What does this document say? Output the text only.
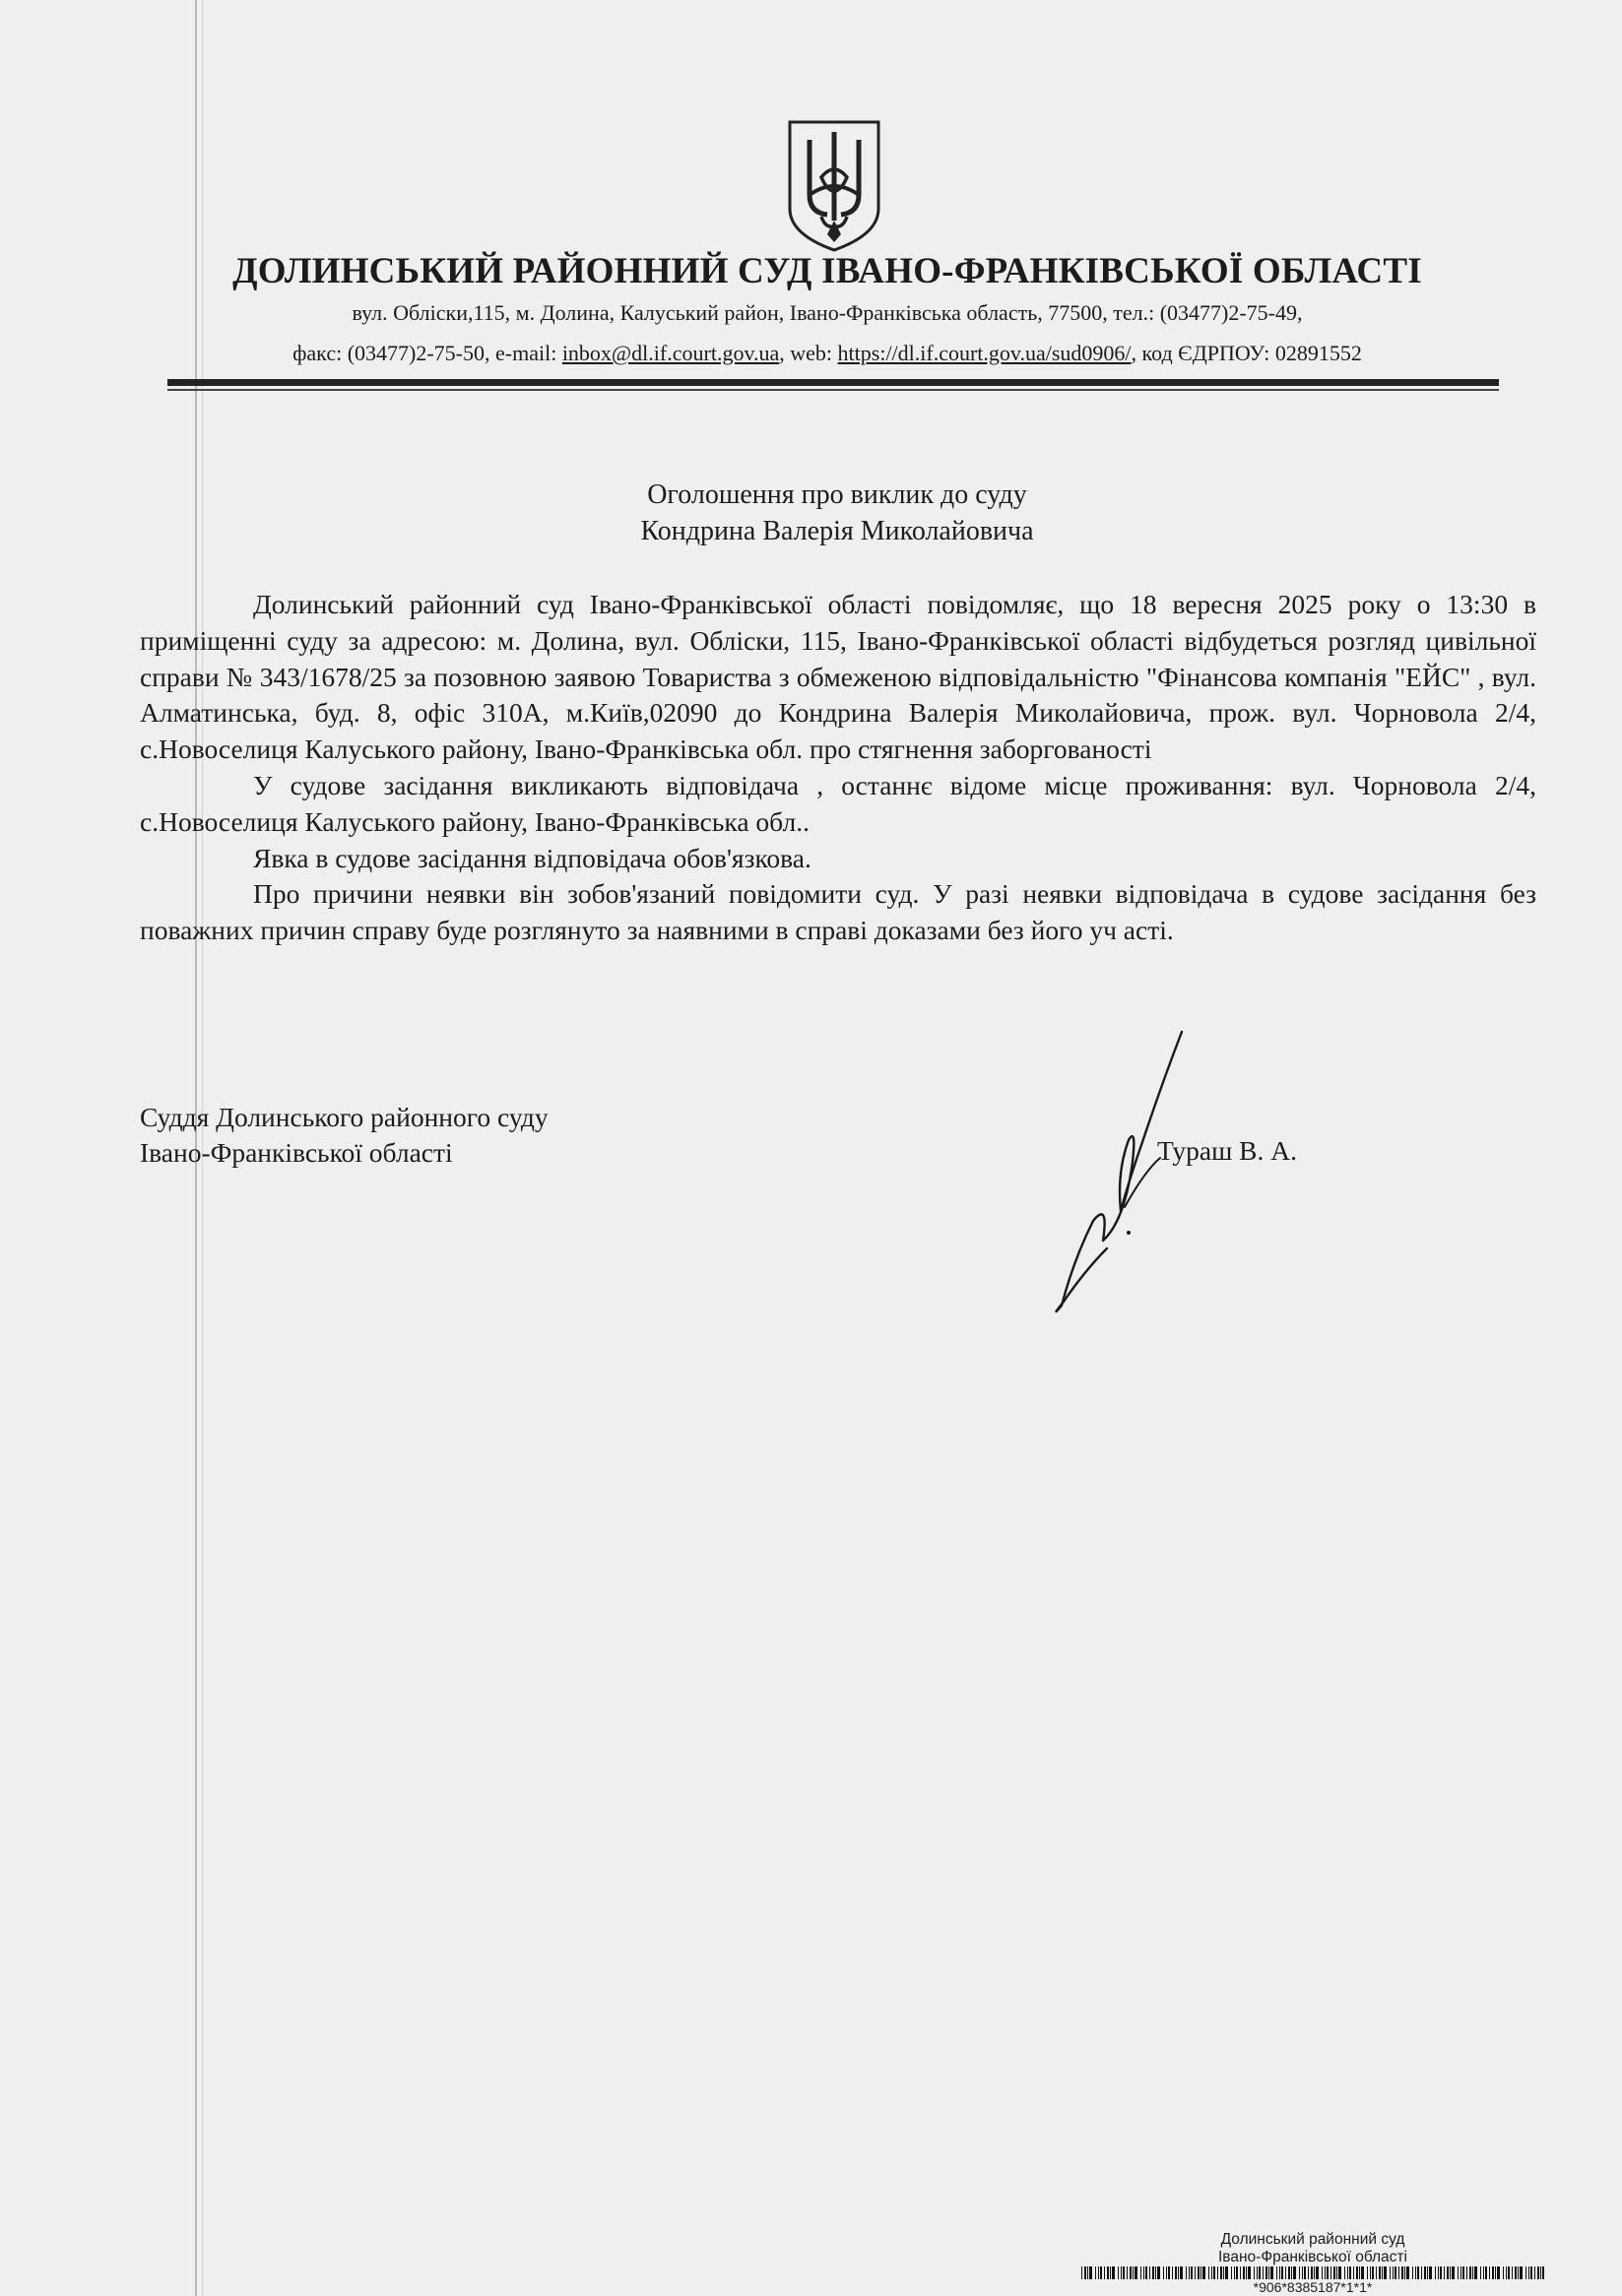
ДОЛИНСЬКИЙ РАЙОННИЙ СУД ІВАНО-ФРАНКІВСЬКОЇ ОБЛАСТІ
вул. Обліски,115, м. Долина, Калуський район, Івано-Франківська область, 77500, тел.: (03477)2-75-49,
факс: (03477)2-75-50, e-mail: inbox@dl.if.court.gov.ua, web: https://dl.if.court.gov.ua/sud0906/, код ЄДРПОУ: 02891552
Оголошення про виклик до суду
Кондрина Валерія Миколайовича

Долинський районний суд Івано-Франківської області повідомляє, що 18 вересня 2025 року о 13:30 в приміщенні суду за адресою: м. Долина, вул. Обліски, 115, Івано-Франківської області відбудеться розгляд цивільної справи № 343/1678/25 за позовною заявою Товариства з обмеженою відповідальністю "Фінансова компанія "ЕЙС" , вул. Алматинська, буд. 8, офіс 310А, м.Київ,02090 до Кондрина Валерія Миколайовича, прож. вул. Чорновола 2/4, с.Новоселиця Калуського району, Івано-Франківська обл. про стягнення заборгованості

У судове засідання викликають відповідача , останнє відоме місце проживання: вул. Чорновола 2/4, с.Новоселиця Калуського району, Івано-Франківська обл..

Явка в судове засідання відповідача обов'язкова.

Про причини неявки він зобов'язаний повідомити суд. У разі неявки відповідача в судове засідання без поважних причин справу буде розглянуто за наявними в справі доказами без його уч асті.

Суддя Долинського районного суду
Івано-Франківської області	Тураш В. А.
Долинський районний суд
Івано-Франківської області
*906*8385187*1*1*
